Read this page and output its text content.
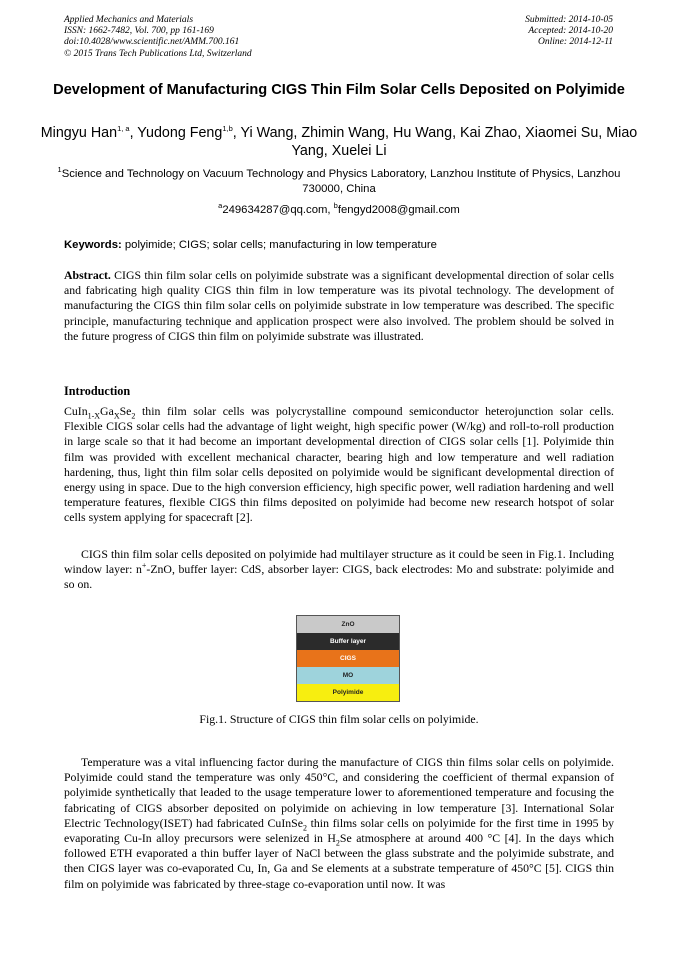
Applied Mechanics and Materials
ISSN: 1662-7482, Vol. 700, pp 161-169
doi:10.4028/www.scientific.net/AMM.700.161
© 2015 Trans Tech Publications Ltd, Switzerland
Submitted: 2014-10-05
Accepted: 2014-10-20
Online: 2014-12-11
Development of Manufacturing CIGS Thin Film Solar Cells Deposited on Polyimide
Mingyu Han$^{1, a}$, Yudong Feng$^{1,b}$, Yi Wang, Zhimin Wang, Hu Wang, Kai Zhao, Xiaomei Su, Miao Yang, Xuelei Li
$^1$Science and Technology on Vacuum Technology and Physics Laboratory, Lanzhou Institute of Physics, Lanzhou 730000, China
$^a$249634287@qq.com, $^b$fengyd2008@gmail.com
Keywords: polyimide; CIGS; solar cells; manufacturing in low temperature
Abstract. CIGS thin film solar cells on polyimide substrate was a significant developmental direction of solar cells and fabricating high quality CIGS thin film in low temperature was its pivotal technology. The development of manufacturing the CIGS thin film solar cells on polyimide substrate in low temperature was described. The specific principle, manufacturing technique and application prospect were also involved. The problem should be solved in the future progress of CIGS thin film on polyimide substrate was illustrated.
Introduction
$CuIn_{1-X}Ga_XSe_2$ thin film solar cells was polycrystalline compound semiconductor heterojunction solar cells. Flexible CIGS solar cells had the advantage of light weight, high specific power (W/kg) and roll-to-roll production in large scale so that it had become an important developmental direction of CIGS solar cells [1]. Polyimide thin film was provided with excellent mechanical character, bearing high and low temperature and well radiation hardening, thus, light thin film solar cells deposited on polyimide would be significant developmental direction of energy using in space. Due to the high conversion efficiency, high specific power, well radiation hardening and well temperature features, flexible CIGS thin films deposited on polyimide had become new research hotspot of solar cells system applying for spacecraft [2].
CIGS thin film solar cells deposited on polyimide had multilayer structure as it could be seen in Fig.1. Including window layer: n+-ZnO, buffer layer: CdS, absorber layer: CIGS, back electrodes: Mo and substrate: polyimide and so on.
ZnO
Buffer layer
CIGS
MO
Polyimide
Fig.1. Structure of CIGS thin film solar cells on polyimide.
Temperature was a vital influencing factor during the manufacture of CIGS thin films solar cells on polyimide. Polyimide could stand the temperature was only 450°C, and considering the coefficient of thermal expansion of polyimide synthetically that leaded to the usage temperature lower to aforementioned temperature and focusing the fabricating of CIGS absorber deposited on polyimide on achieving in low temperature [3]. International Solar Electric Technology(ISET) had fabricated CuInSe$_2$ thin films solar cells on polyimide for the first time in 1995 by evaporating Cu-In alloy precursors were selenized in $H_2Se$ atmosphere at around 400 °C [4]. In the days which followed ETH evaporated a thin buffer layer of NaCl between the glass substrate and the polyimide substrate, and then CIGS layer was co-evaporated Cu, In, Ga and Se elements at a substrate temperature of 450°C [5]. CIGS thin film on polyimide was fabricated by three-stage co-evaporation until now. It was
